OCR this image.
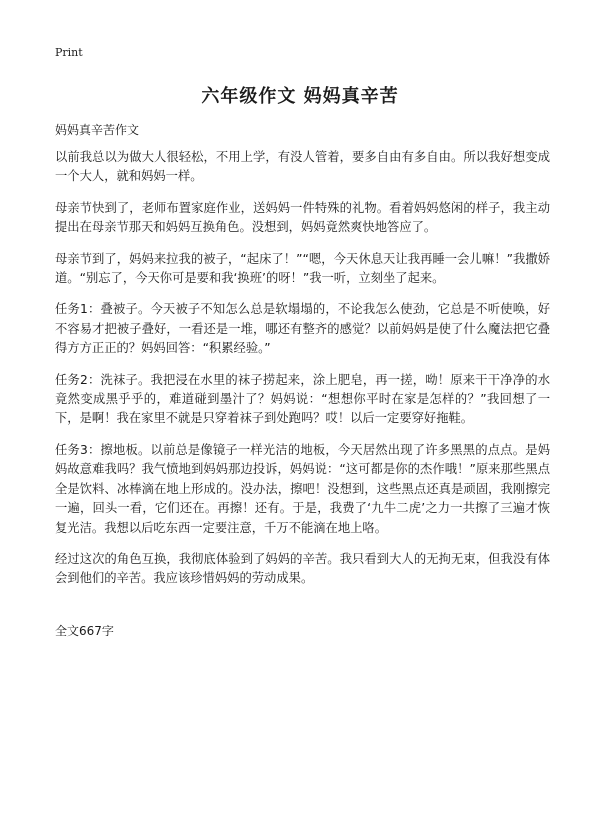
Print
六年级作文 妈妈真辛苦

妈妈真辛苦作文

以前我总以为做大人很轻松，不用上学，有没人管着，要多自由有多自由。所以我好想变成一个大人，就和妈妈一样。

母亲节快到了，老师布置家庭作业，送妈妈一件特殊的礼物。看着妈妈悠闲的样子，我主动提出在母亲节那天和妈妈互换角色。没想到，妈妈竟然爽快地答应了。

母亲节到了，妈妈来拉我的被子，“起床了！”“嗯，今天休息天让我再睡一会儿嘛！”我撒娇道。“别忘了，今天你可是要和我‘换班’的呀！”我一听，立刻坐了起来。

任务1：叠被子。今天被子不知怎么总是软塌塌的，不论我怎么使劲，它总是不听使唤，好不容易才把被子叠好，一看还是一堆，哪还有整齐的感觉？以前妈妈是使了什么魔法把它叠得方方正正的？妈妈回答：“积累经验。”

任务2：洗袜子。我把浸在水里的袜子捞起来，涂上肥皂，再一搓，呦！原来干干净净的水竟然变成黑乎乎的，难道碰到墨汁了？妈妈说：“想想你平时在家是怎样的？”我回想了一下，是啊！我在家里不就是只穿着袜子到处跑吗？哎！以后一定要穿好拖鞋。

任务3：擦地板。以前总是像镜子一样光洁的地板，今天居然出现了许多黑黑的点点。是妈妈故意难我吗？我气愤地到妈妈那边投诉，妈妈说：“这可都是你的杰作哦！”原来那些黑点全是饮料、冰棒滴在地上形成的。没办法，擦吧！没想到，这些黑点还真是顽固，我刚擦完一遍，回头一看，它们还在。再擦！还有。于是，我费了‘九牛二虎’之力一共擦了三遍才恢复光洁。我想以后吃东西一定要注意，千万不能滴在地上咯。

经过这次的角色互换，我彻底体验到了妈妈的辛苦。我只看到大人的无拘无束，但我没有体会到他们的辛苦。我应该珍惜妈妈的劳动成果。

全文667字
